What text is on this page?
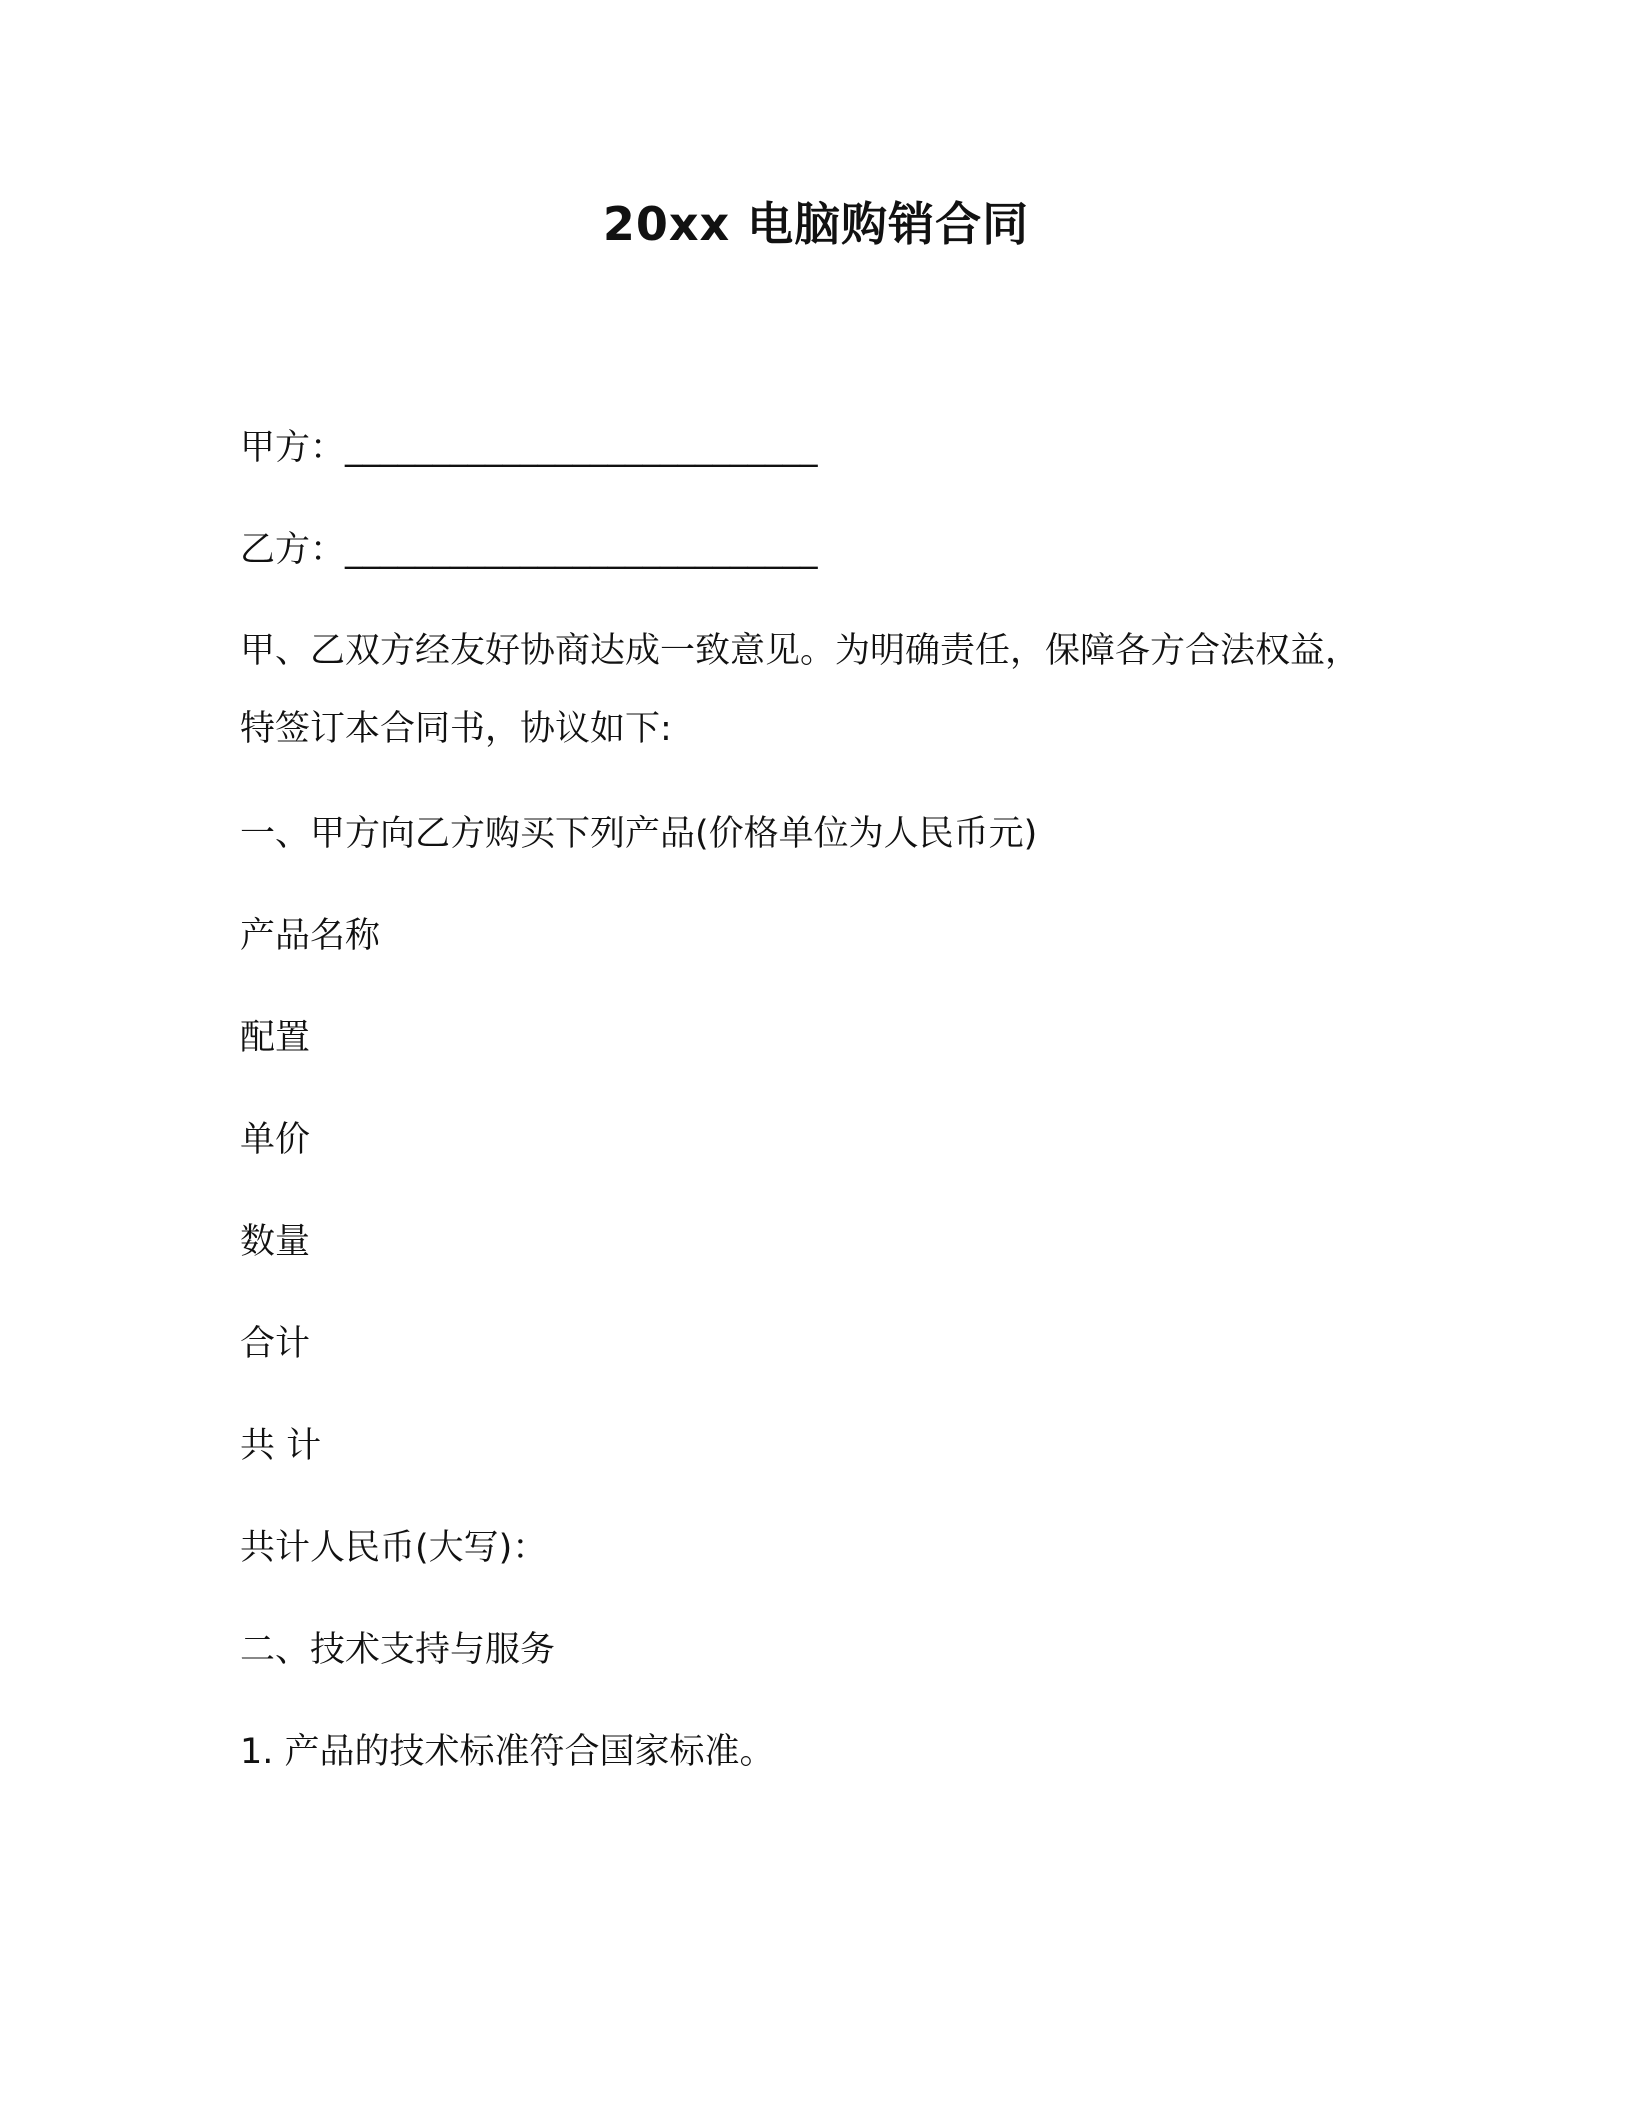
20xx 电脑购销合同
甲方：___________________________
乙方：___________________________
甲、乙双方经友好协商达成一致意见。为明确责任，保障各方合法权益，特签订本合同书，协议如下:
一、甲方向乙方购买下列产品(价格单位为人民币元)
产品名称
配置
单价
数量
合计
共 计
共计人民币(大写)：
二、技术支持与服务
1. 产品的技术标准符合国家标准。
